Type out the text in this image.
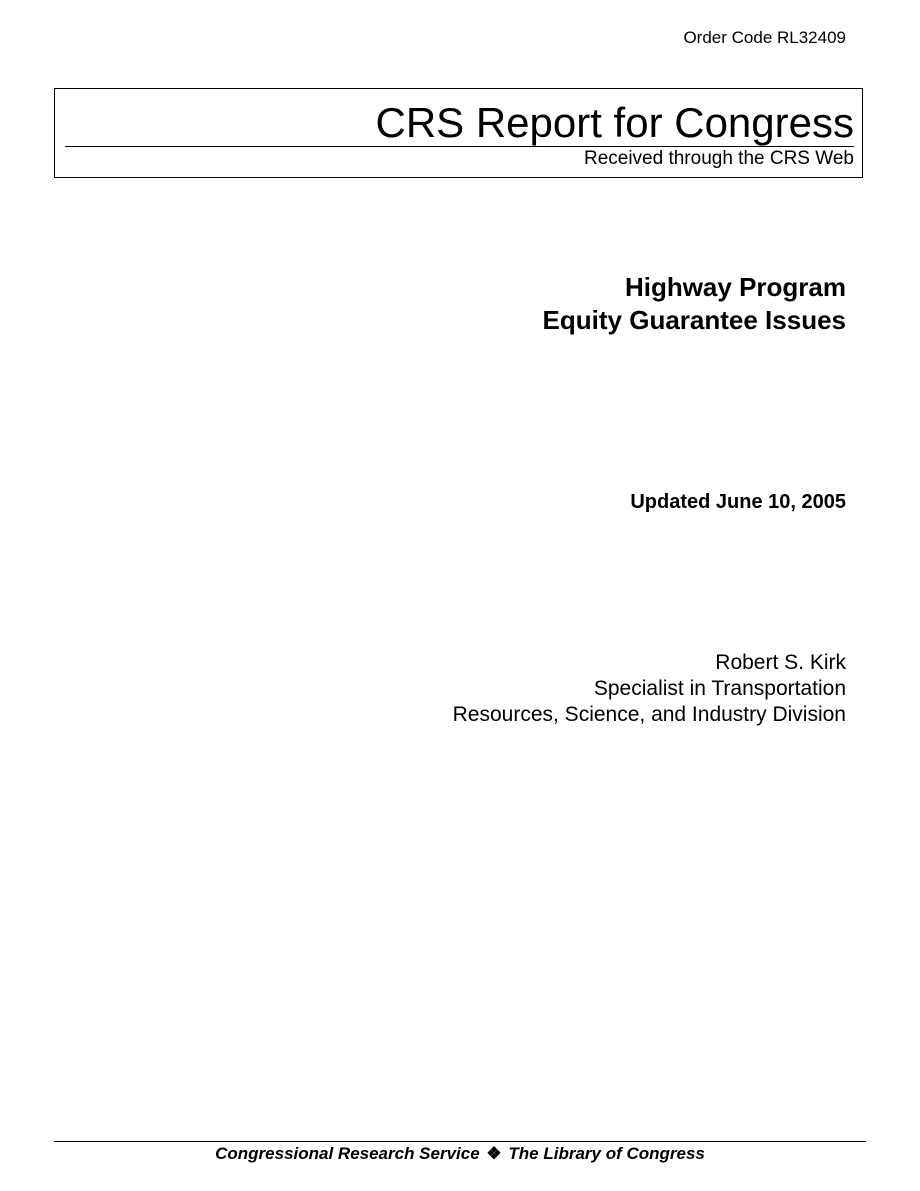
Order Code RL32409
CRS Report for Congress
Received through the CRS Web
Highway Program
Equity Guarantee Issues
Updated June 10, 2005
Robert S. Kirk
Specialist in Transportation
Resources, Science, and Industry Division
Congressional Research Service ❖ The Library of Congress
